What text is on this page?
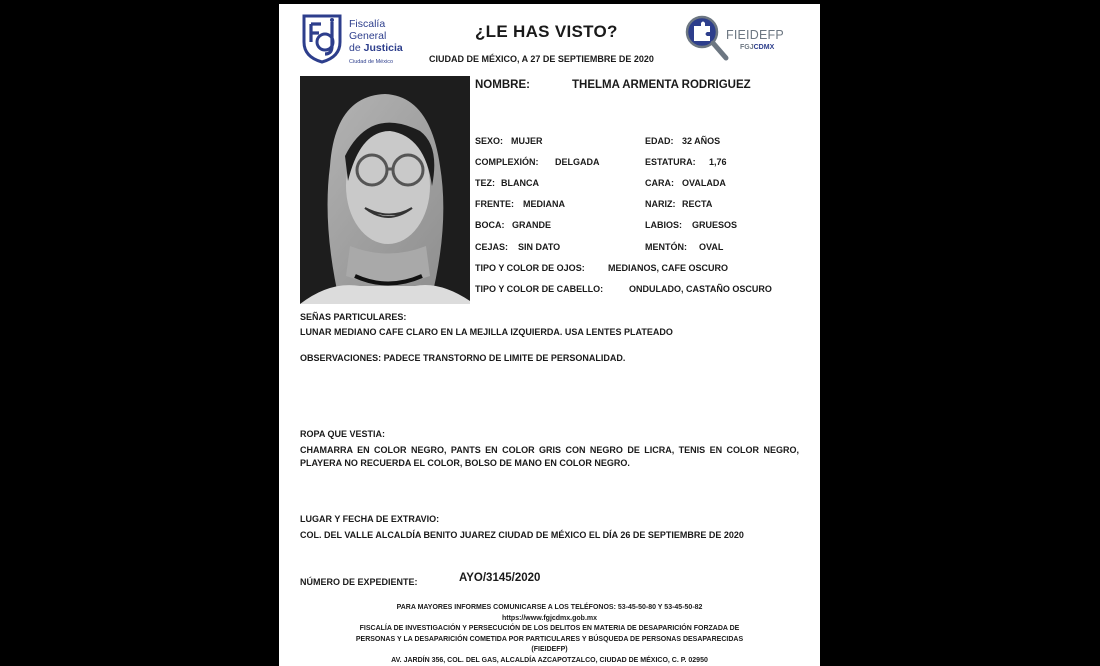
Fiscalía
General
de Justicia
Ciudad de México
¿LE HAS VISTO?
CIUDAD DE MÉXICO, A 27 DE SEPTIEMBRE DE 2020
FIEIDEFP
FGJCDMX
NOMBRE:	THELMA ARMENTA RODRIGUEZ
SEXO: MUJER	EDAD: 32 AÑOS
COMPLEXIÓN: DELGADA	ESTATURA: 1,76
TEZ: BLANCA	CARA: OVALADA
FRENTE: MEDIANA	NARIZ: RECTA
BOCA: GRANDE	LABIOS: GRUESOS
CEJAS: SIN DATO	MENTÓN: OVAL
TIPO Y COLOR DE OJOS:	MEDIANOS, CAFE OSCURO
TIPO Y COLOR DE CABELLO:	ONDULADO, CASTAÑO OSCURO
SEÑAS PARTICULARES:
LUNAR MEDIANO CAFE CLARO EN LA MEJILLA IZQUIERDA. USA LENTES PLATEADO
OBSERVACIONES: PADECE TRANSTORNO DE LIMITE DE PERSONALIDAD.
ROPA QUE VESTIA:
CHAMARRA EN COLOR NEGRO, PANTS EN COLOR GRIS CON NEGRO DE LICRA, TENIS EN COLOR NEGRO, PLAYERA NO RECUERDA EL COLOR, BOLSO DE MANO EN COLOR NEGRO.
LUGAR Y FECHA DE EXTRAVIO:
COL. DEL VALLE ALCALDÍA BENITO JUAREZ CIUDAD DE MÉXICO EL DÍA 26 DE SEPTIEMBRE DE 2020
NÚMERO DE EXPEDIENTE:	AYO/3145/2020
PARA MAYORES INFORMES COMUNICARSE A LOS TELÉFONOS: 53-45-50-80 Y 53-45-50-82
https://www.fgjcdmx.gob.mx
FISCALÍA DE INVESTIGACIÓN Y PERSECUCIÓN DE LOS DELITOS EN MATERIA DE DESAPARICIÓN FORZADA DE
PERSONAS Y LA DESAPARICIÓN COMETIDA POR PARTICULARES Y BÚSQUEDA DE PERSONAS DESAPARECIDAS
(FIEIDEFP)
AV. JARDÍN 356, COL. DEL GAS, ALCALDÍA AZCAPOTZALCO, CIUDAD DE MÉXICO, C. P. 02950
